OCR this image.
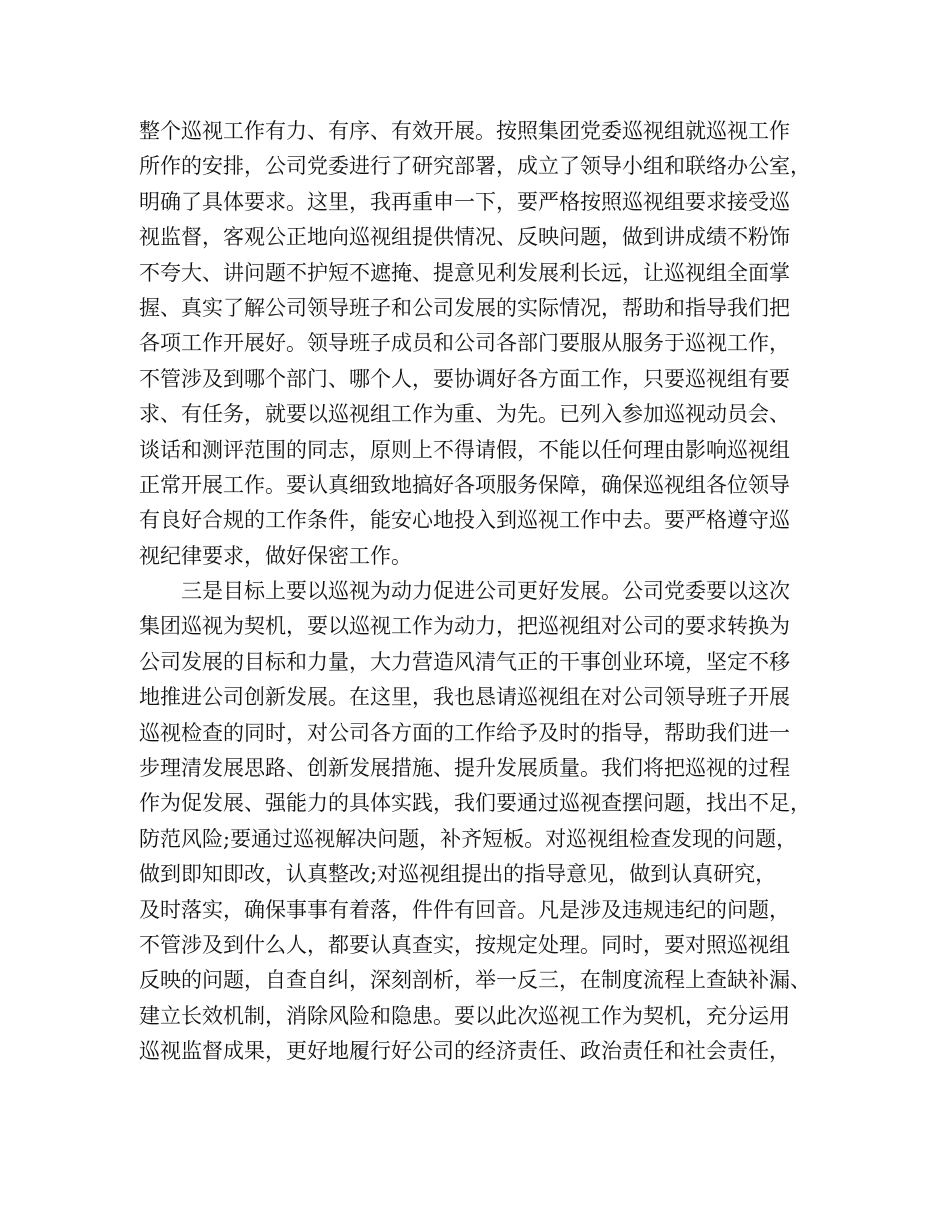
整个巡视工作有力、有序、有效开展。按照集团党委巡视组就巡视工作
所作的安排，公司党委进行了研究部署，成立了领导小组和联络办公室，
明确了具体要求。这里，我再重申一下，要严格按照巡视组要求接受巡
视监督，客观公正地向巡视组提供情况、反映问题，做到讲成绩不粉饰
不夸大、讲问题不护短不遮掩、提意见利发展利长远，让巡视组全面掌
握、真实了解公司领导班子和公司发展的实际情况，帮助和指导我们把
各项工作开展好。领导班子成员和公司各部门要服从服务于巡视工作，
不管涉及到哪个部门、哪个人，要协调好各方面工作，只要巡视组有要
求、有任务，就要以巡视组工作为重、为先。已列入参加巡视动员会、
谈话和测评范围的同志，原则上不得请假，不能以任何理由影响巡视组
正常开展工作。要认真细致地搞好各项服务保障，确保巡视组各位领导
有良好合规的工作条件，能安心地投入到巡视工作中去。要严格遵守巡
视纪律要求，做好保密工作。
三是目标上要以巡视为动力促进公司更好发展。公司党委要以这次
集团巡视为契机，要以巡视工作为动力，把巡视组对公司的要求转换为
公司发展的目标和力量，大力营造风清气正的干事创业环境，坚定不移
地推进公司创新发展。在这里，我也恳请巡视组在对公司领导班子开展
巡视检查的同时，对公司各方面的工作给予及时的指导，帮助我们进一
步理清发展思路、创新发展措施、提升发展质量。我们将把巡视的过程
作为促发展、强能力的具体实践，我们要通过巡视查摆问题，找出不足，
防范风险;要通过巡视解决问题，补齐短板。对巡视组检查发现的问题，
做到即知即改，认真整改;对巡视组提出的指导意见，做到认真研究，
及时落实，确保事事有着落，件件有回音。凡是涉及违规违纪的问题，
不管涉及到什么人，都要认真查实，按规定处理。同时，要对照巡视组
反映的问题，自查自纠，深刻剖析，举一反三，在制度流程上查缺补漏、
建立长效机制，消除风险和隐患。要以此次巡视工作为契机，充分运用
巡视监督成果，更好地履行好公司的经济责任、政治责任和社会责任，
